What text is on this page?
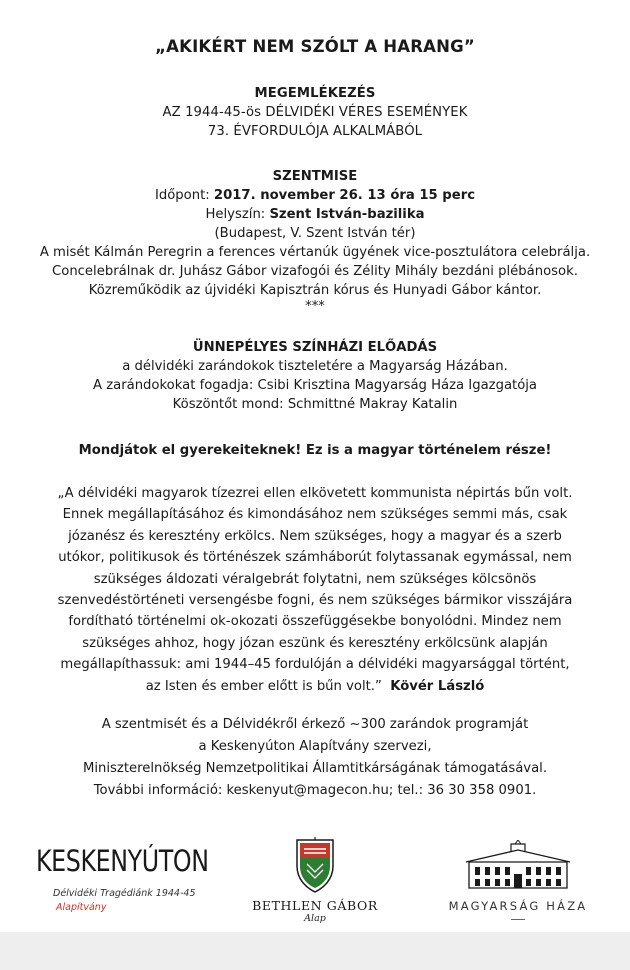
„AKIKÉRT NEM SZÓLT A HARANG”
MEGEMLÉKEZÉS
AZ 1944-45-ös DÉLVIDÉKI VÉRES ESEMÉNYEK
73. ÉVFORDULÓJA ALKALMÁBÓL
SZENTMISE
Időpont: 2017. november 26. 13 óra 15 perc
Helyszín: Szent István-bazilika
(Budapest, V. Szent István tér)
A misét Kálmán Peregrin a ferences vértanúk ügyének vice-posztulátora celebrálja.
Concelebrálnak dr. Juhász Gábor vizafogói és Zélity Mihály bezdáni plébánosok.
Közreműködik az újvidéki Kapisztrán kórus és Hunyadi Gábor kántor.
***
ÜNNEPÉLYES SZÍNHÁZI ELŐADÁS
a délvidéki zarándokok tiszteletére a Magyarság Házában.
A zarándokokat fogadja: Csibi Krisztina Magyarság Háza Igazgatója
Köszöntőt mond: Schmittné Makray Katalin
Mondjátok el gyerekeiteknek! Ez is a magyar történelem része!
„A délvidéki magyarok tízezrei ellen elkövetett kommunista népirtás bűn volt.
Ennek megállapításához és kimondásához nem szükséges semmi más, csak
józanész és keresztény erkölcs. Nem szükséges, hogy a magyar és a szerb
utókor, politikusok és történészek számháborút folytassanak egymással, nem
szükséges áldozati véralgebrát folytatni, nem szükséges kölcsönös
szenvedéstörténeti versengésbe fogni, és nem szükséges bármikor visszájára
fordítható történelmi ok-okozati összefüggésekbe bonyolódni. Mindez nem
szükséges ahhoz, hogy józan eszünk és keresztény erkölcsünk alapján
megállapíthassuk: ami 1944–45 fordulóján a délvidéki magyarsággal történt,
az Isten és ember előtt is bűn volt.” Kövér László
A szentmisét és a Délvidékről érkező ~300 zarándok programját
a Keskenyúton Alapítvány szervezi,
Miniszterelnökség Nemzetpolitikai Államtitkárságának támogatásával.
További információ: keskenyut@magecon.hu; tel.: 36 30 358 0901.
KESKENYÚTON
Délvidéki Tragédiánk 1944-45
Alapítvány	BETHLEN GÁBOR
Alap
MAGYARSÁG HÁZA
